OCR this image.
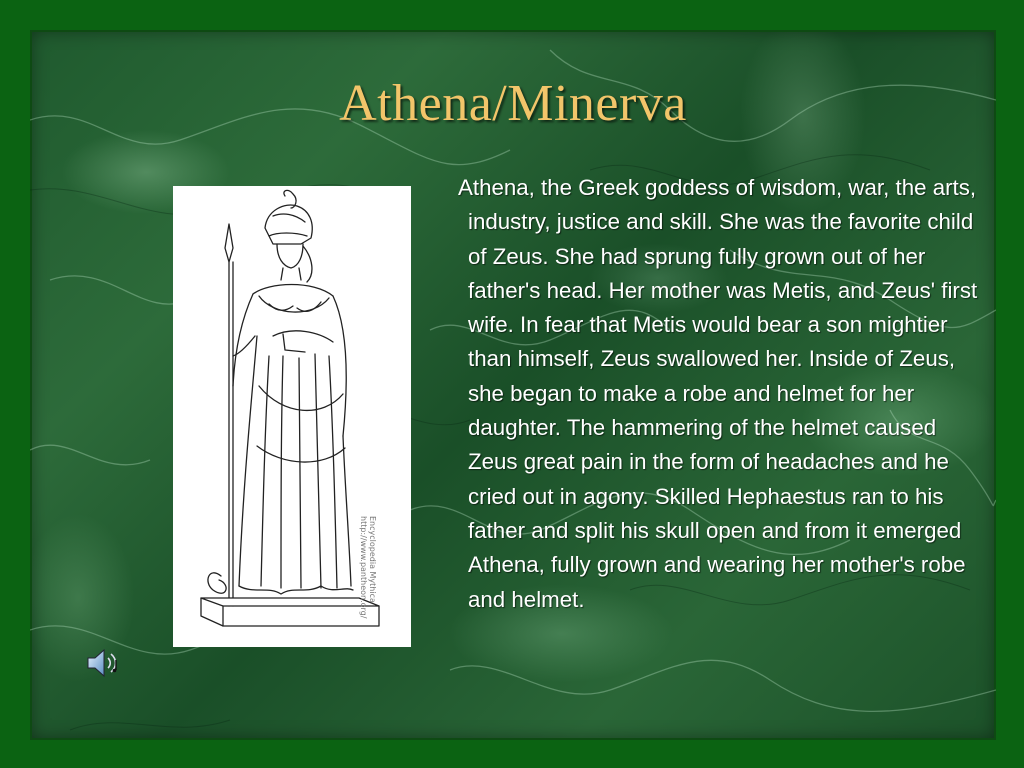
Athena/Minerva
Encyclopedia Mythica
http://www.pantheon.org/
Athena, the Greek goddess of wisdom, war, the arts, industry, justice and skill. She was the favorite child of Zeus. She had sprung fully grown out of her father's head. Her mother was Metis, and Zeus' first wife. In fear that Metis would bear a son mightier than himself, Zeus swallowed her. Inside of Zeus, she began to make a robe and helmet for her daughter. The hammering of the helmet caused Zeus great pain in the form of headaches and he cried out in agony. Skilled Hephaestus ran to his father and split his skull open and from it emerged Athena, fully grown and wearing her mother's robe and helmet.
